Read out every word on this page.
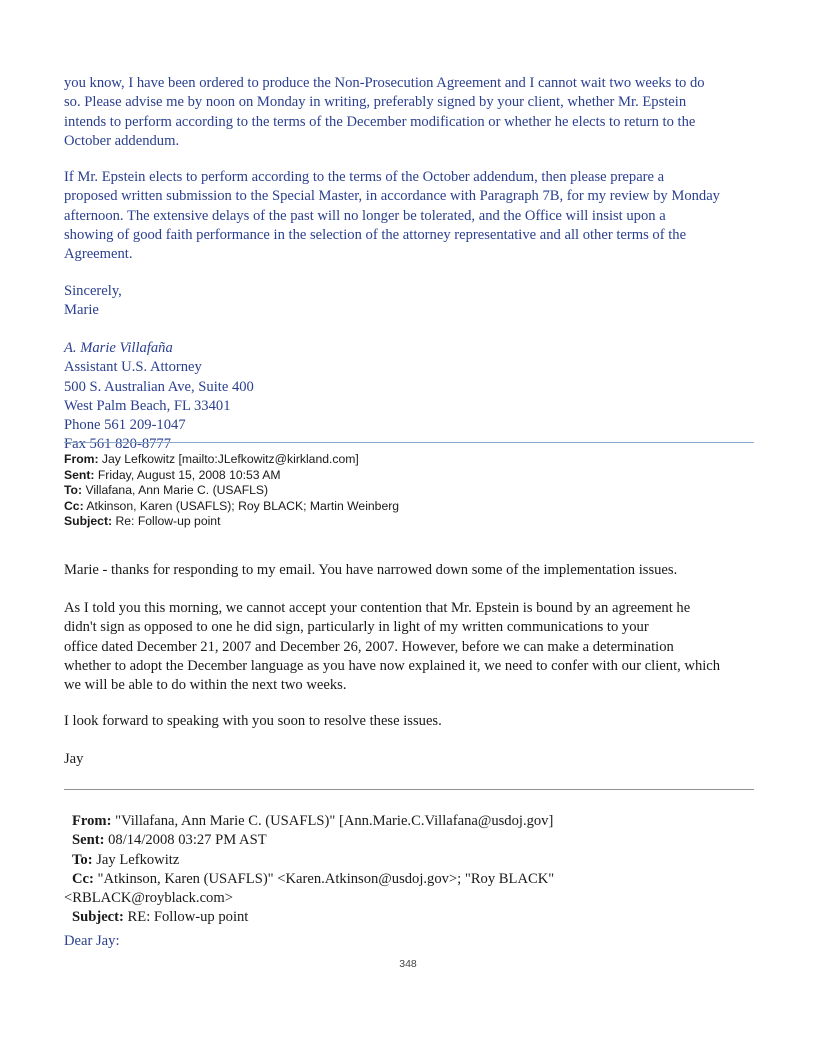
you know, I have been ordered to produce the Non-Prosecution Agreement and I cannot wait two weeks to do
so. Please advise me by noon on Monday in writing, preferably signed by your client, whether Mr. Epstein
intends to perform according to the terms of the December modification or whether he elects to return to the
October addendum.
If Mr. Epstein elects to perform according to the terms of the October addendum, then please prepare a
proposed written submission to the Special Master, in accordance with Paragraph 7B, for my review by Monday
afternoon. The extensive delays of the past will no longer be tolerated, and the Office will insist upon a
showing of good faith performance in the selection of the attorney representative and all other terms of the
Agreement.
Sincerely,
Marie
A. Marie Villafaña
Assistant U.S. Attorney
500 S. Australian Ave, Suite 400
West Palm Beach, FL 33401
Phone 561 209-1047
Fax 561 820-8777
From: Jay Lefkowitz [mailto:JLefkowitz@kirkland.com]
Sent: Friday, August 15, 2008 10:53 AM
To: Villafana, Ann Marie C. (USAFLS)
Cc: Atkinson, Karen (USAFLS); Roy BLACK; Martin Weinberg
Subject: Re: Follow-up point
Marie - thanks for responding to my email. You have narrowed down some of the implementation issues.
As I told you this morning, we cannot accept your contention that Mr. Epstein is bound by an agreement he
didn't sign as opposed to one he did sign, particularly in light of my written communications to your
office dated December 21, 2007 and December 26, 2007. However, before we can make a determination
whether to adopt the December language as you have now explained it, we need to confer with our client, which
we will be able to do within the next two weeks.
I look forward to speaking with you soon to resolve these issues.
Jay
From: "Villafana, Ann Marie C. (USAFLS)" [Ann.Marie.C.Villafana@usdoj.gov]
Sent: 08/14/2008 03:27 PM AST
To: Jay Lefkowitz
Cc: "Atkinson, Karen (USAFLS)" <Karen.Atkinson@usdoj.gov>; "Roy BLACK"
<RBLACK@royblack.com>
Subject: RE: Follow-up point
Dear Jay:
348
